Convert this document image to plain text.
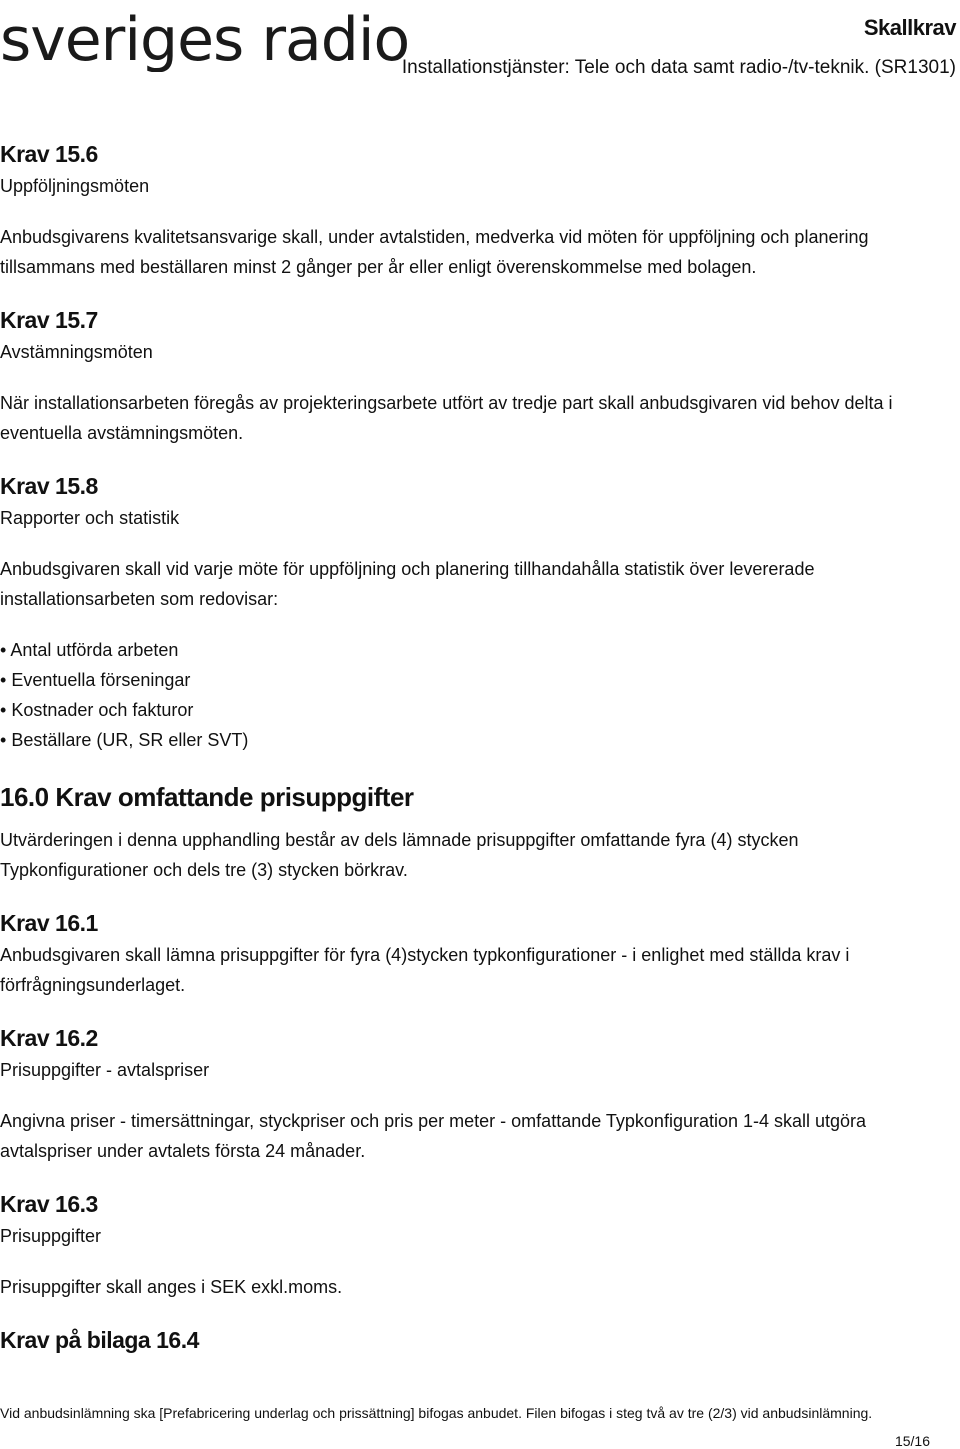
sveriges radio	Skallkrav
Installationstjänster: Tele och data samt radio-/tv-teknik. (SR1301)

Krav 15.6

Uppföljningsmöten

Anbudsgivarens kvalitetsansvarige skall, under avtalstiden, medverka vid möten för uppföljning och planering tillsammans med beställaren minst 2 gånger per år eller enligt överenskommelse med bolagen.

Krav 15.7

Avstämningsmöten

När installationsarbeten föregås av projekteringsarbete utfört av tredje part skall anbudsgivaren vid behov delta i eventuella avstämningsmöten.

Krav 15.8

Rapporter och statistik

Anbudsgivaren skall vid varje möte för uppföljning och planering tillhandahålla statistik över levererade installationsarbeten som redovisar:

• Antal utförda arbeten
• Eventuella förseningar
• Kostnader och fakturor
• Beställare (UR, SR eller SVT)

16.0 Krav omfattande prisuppgifter

Utvärderingen i denna upphandling består av dels lämnade prisuppgifter omfattande fyra (4) stycken Typkonfigurationer och dels tre (3) stycken börkrav.

Krav 16.1

Anbudsgivaren skall lämna prisuppgifter för fyra (4)stycken typkonfigurationer - i enlighet med ställda krav i förfrågningsunderlaget.

Krav 16.2

Prisuppgifter - avtalspriser

Angivna priser - timersättningar, styckpriser och pris per meter - omfattande Typkonfiguration 1-4 skall utgöra avtalspriser under avtalets första 24 månader.

Krav 16.3

Prisuppgifter

Prisuppgifter skall anges i SEK exkl.moms.

Krav på bilaga 16.4

Vid anbudsinlämning ska [Prefabricering underlag och prissättning] bifogas anbudet. Filen bifogas i steg två av tre (2/3) vid anbudsinlämning.
15/16
